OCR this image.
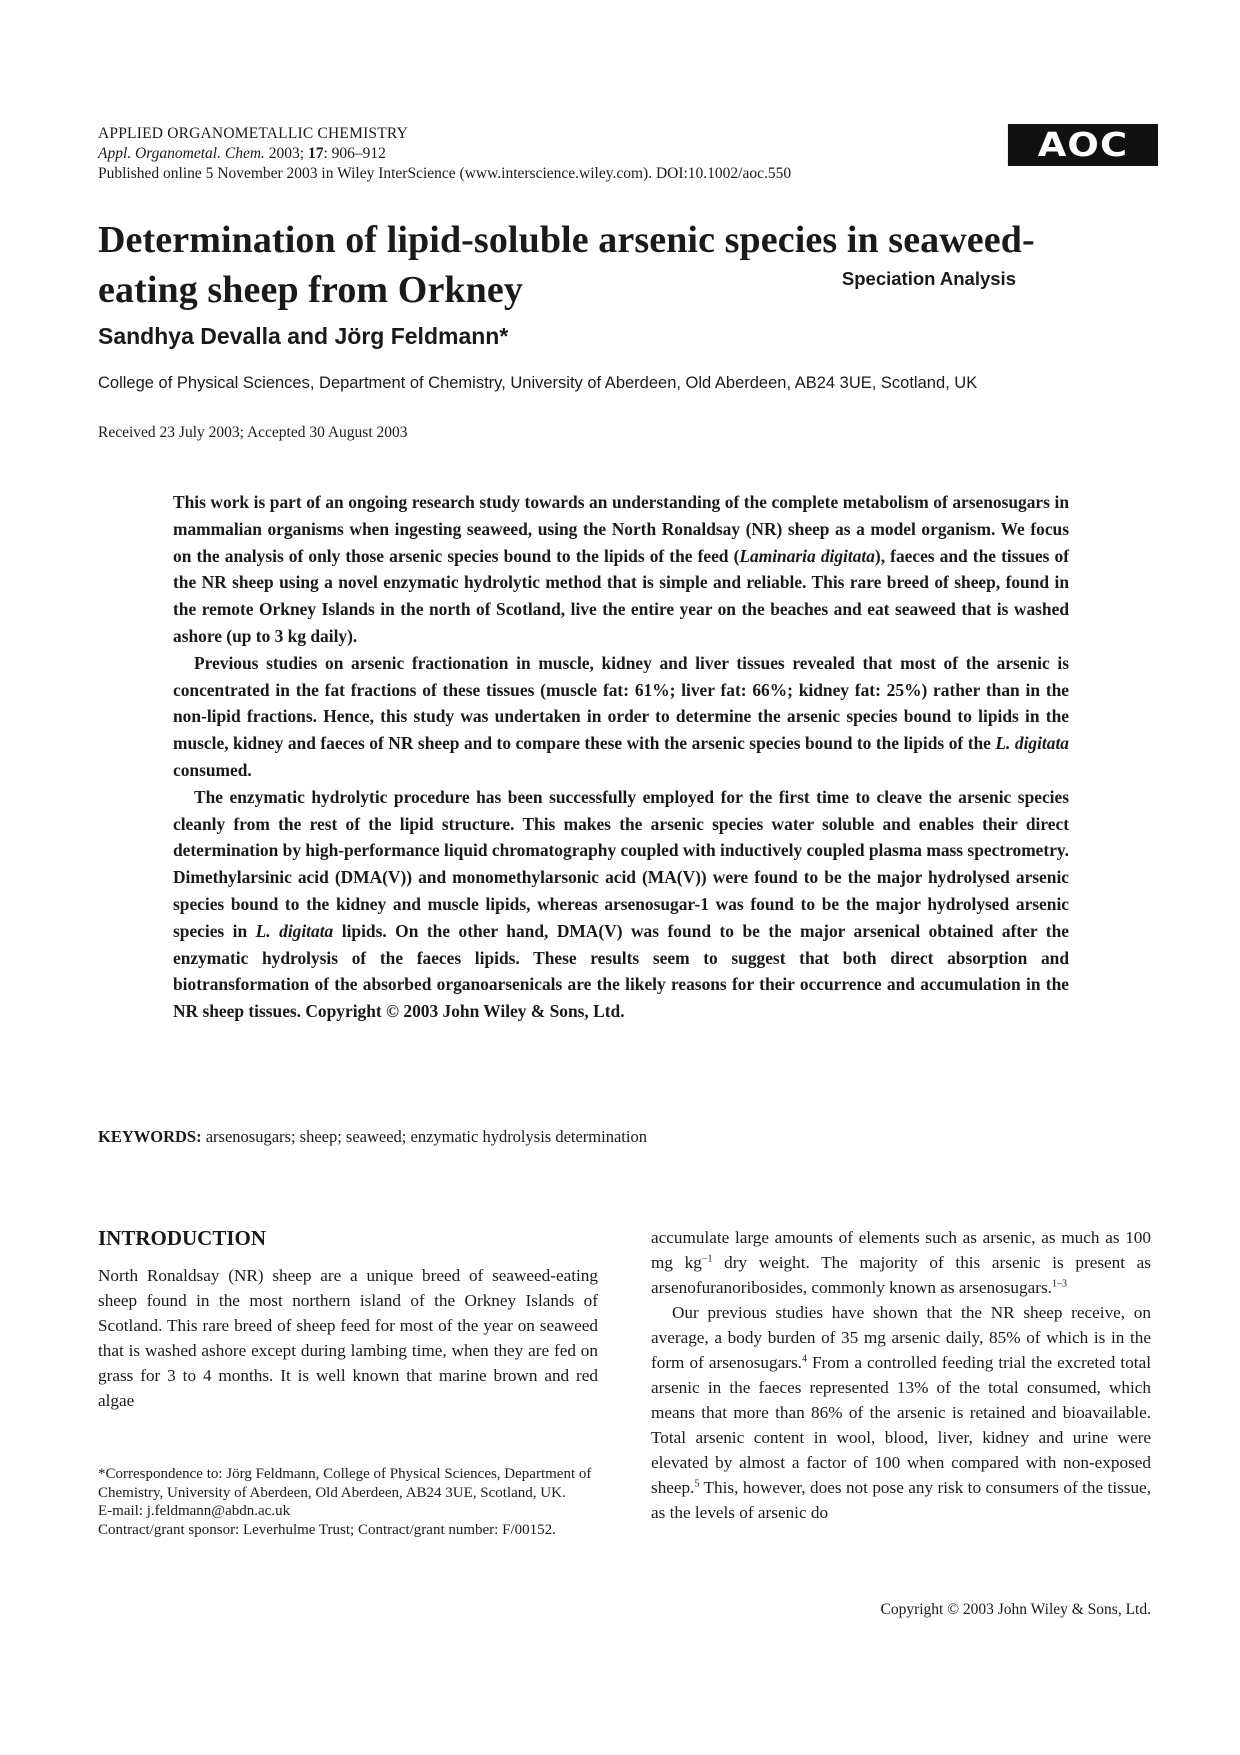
APPLIED ORGANOMETALLIC CHEMISTRY
Appl. Organometal. Chem. 2003; 17: 906–912
Published online 5 November 2003 in Wiley InterScience (www.interscience.wiley.com). DOI:10.1002/aoc.550
Speciation Analysis
AOC
Determination of lipid-soluble arsenic species in seaweed-eating sheep from Orkney

Sandhya Devalla and Jörg Feldmann*

College of Physical Sciences, Department of Chemistry, University of Aberdeen, Old Aberdeen, AB24 3UE, Scotland, UK

Received 23 July 2003; Accepted 30 August 2003

This work is part of an ongoing research study towards an understanding of the complete metabolism of arsenosugars in mammalian organisms when ingesting seaweed, using the North Ronaldsay (NR) sheep as a model organism. We focus on the analysis of only those arsenic species bound to the lipids of the feed (Laminaria digitata), faeces and the tissues of the NR sheep using a novel enzymatic hydrolytic method that is simple and reliable. This rare breed of sheep, found in the remote Orkney Islands in the north of Scotland, live the entire year on the beaches and eat seaweed that is washed ashore (up to 3 kg daily).

Previous studies on arsenic fractionation in muscle, kidney and liver tissues revealed that most of the arsenic is concentrated in the fat fractions of these tissues (muscle fat: 61%; liver fat: 66%; kidney fat: 25%) rather than in the non-lipid fractions. Hence, this study was undertaken in order to determine the arsenic species bound to lipids in the muscle, kidney and faeces of NR sheep and to compare these with the arsenic species bound to the lipids of the L. digitata consumed.

The enzymatic hydrolytic procedure has been successfully employed for the first time to cleave the arsenic species cleanly from the rest of the lipid structure. This makes the arsenic species water soluble and enables their direct determination by high-performance liquid chromatography coupled with inductively coupled plasma mass spectrometry. Dimethylarsinic acid (DMA(V)) and monomethylarsonic acid (MA(V)) were found to be the major hydrolysed arsenic species bound to the kidney and muscle lipids, whereas arsenosugar-1 was found to be the major hydrolysed arsenic species in L. digitata lipids. On the other hand, DMA(V) was found to be the major arsenical obtained after the enzymatic hydrolysis of the faeces lipids. These results seem to suggest that both direct absorption and biotransformation of the absorbed organoarsenicals are the likely reasons for their occurrence and accumulation in the NR sheep tissues. Copyright © 2003 John Wiley & Sons, Ltd.

KEYWORDS: arsenosugars; sheep; seaweed; enzymatic hydrolysis determination

INTRODUCTION

North Ronaldsay (NR) sheep are a unique breed of seaweed-eating sheep found in the most northern island of the Orkney Islands of Scotland. This rare breed of sheep feed for most of the year on seaweed that is washed ashore except during lambing time, when they are fed on grass for 3 to 4 months. It is well known that marine brown and red algae

accumulate large amounts of elements such as arsenic, as much as 100 mg $kg^{-1}$ dry weight. The majority of this arsenic is present as arsenofuranoribosides, commonly known as arsenosugars.$^{1-3}$

Our previous studies have shown that the NR sheep receive, on average, a body burden of 35 mg arsenic daily, 85% of which is in the form of arsenosugars.$^4$ From a controlled feeding trial the excreted total arsenic in the faeces represented 13% of the total consumed, which means that more than 86% of the arsenic is retained and bioavailable. Total arsenic content in wool, blood, liver, kidney and urine were elevated by almost a factor of 100 when compared with non-exposed sheep.$^5$ This, however, does not pose any risk to consumers of the tissue, as the levels of arsenic do

*Correspondence to: Jörg Feldmann, College of Physical Sciences, Department of Chemistry, University of Aberdeen, Old Aberdeen, AB24 3UE, Scotland, UK.

E-mail: j.feldmann@abdn.ac.uk

Contract/grant sponsor: Leverhulme Trust; Contract/grant number: F/00152.

Copyright © 2003 John Wiley & Sons, Ltd.
